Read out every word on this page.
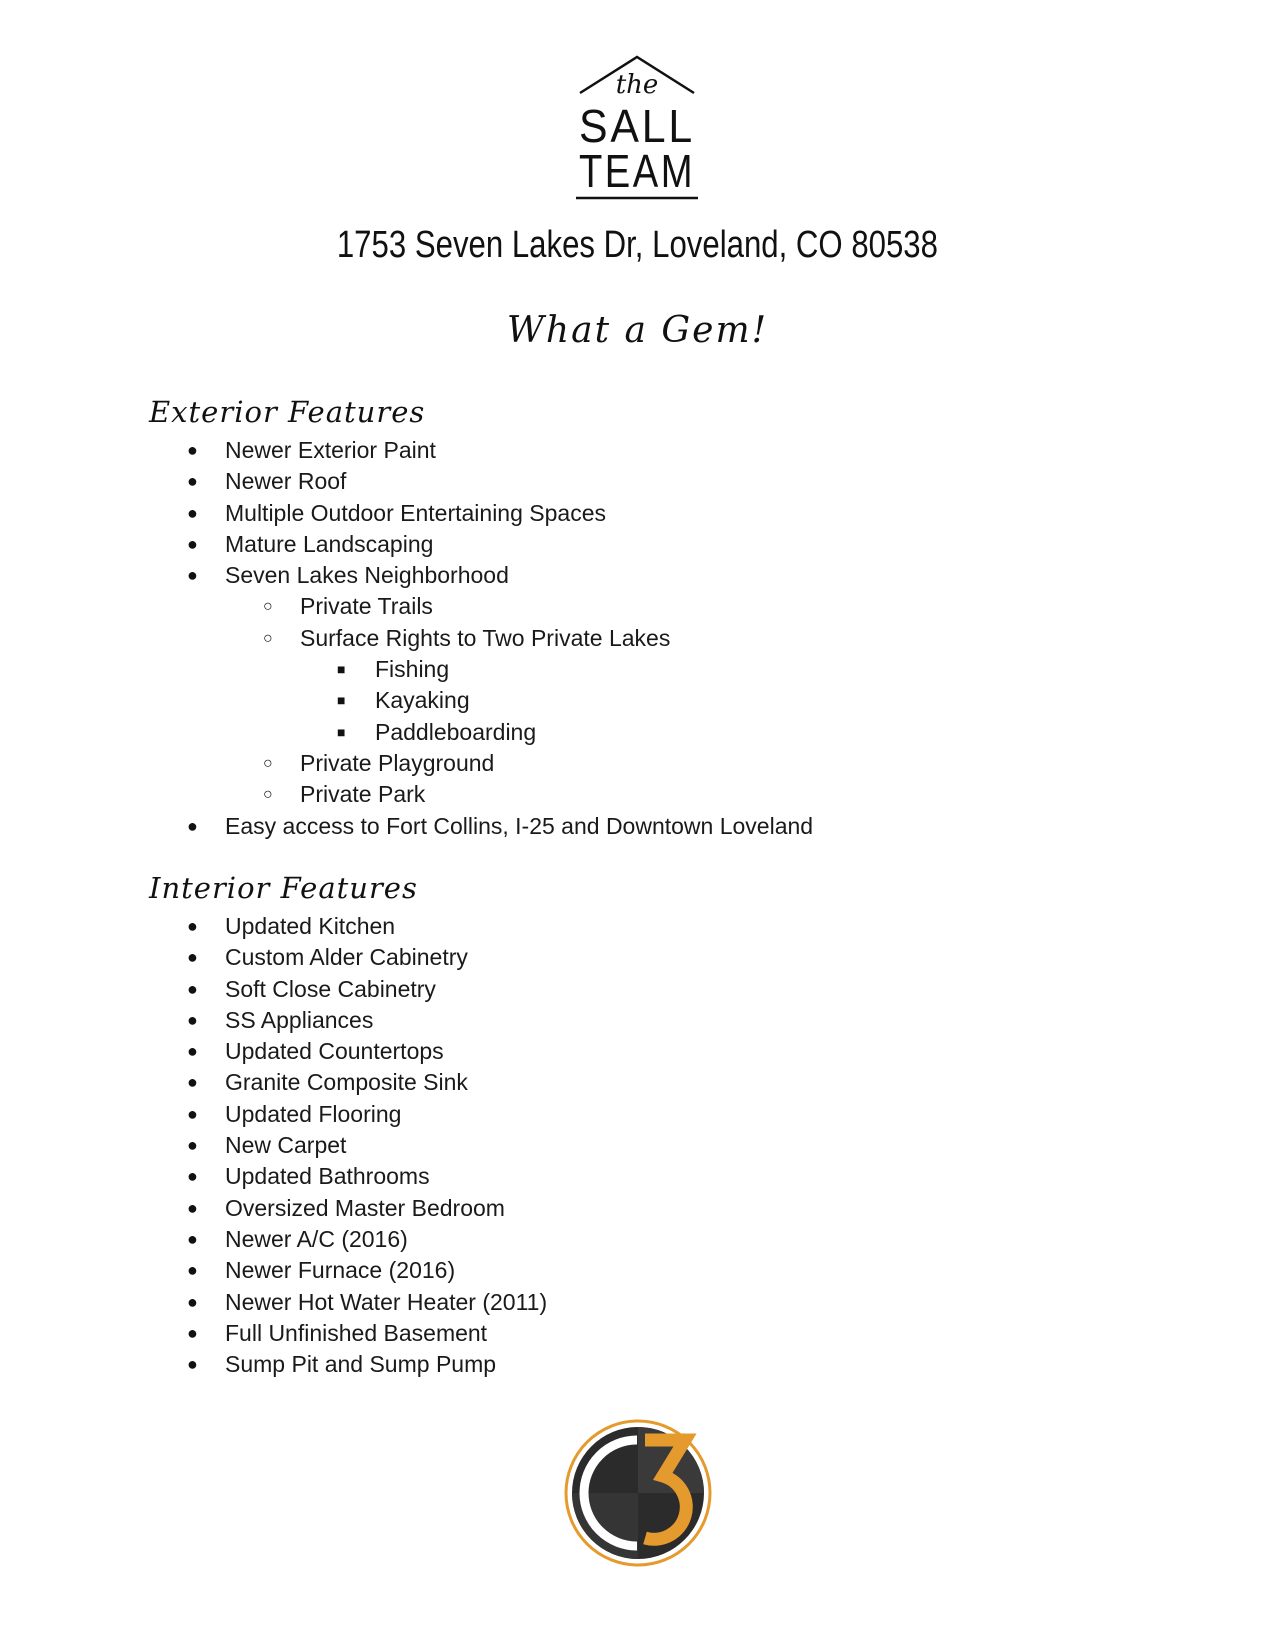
the
SALL
TEAM
1753 Seven Lakes Dr, Loveland, CO 80538
What a Gem!
Exterior Features
● Newer Exterior Paint
● Newer Roof
● Multiple Outdoor Entertaining Spaces
● Mature Landscaping
● Seven Lakes Neighborhood
○ Private Trails
○ Surface Rights to Two Private Lakes
■ Fishing
■ Kayaking
■ Paddleboarding
○ Private Playground
○ Private Park
● Easy access to Fort Collins, I-25 and Downtown Loveland
Interior Features
● Updated Kitchen
● Custom Alder Cabinetry
● Soft Close Cabinetry
● SS Appliances
● Updated Countertops
● Granite Composite Sink
● Updated Flooring
● New Carpet
● Updated Bathrooms
● Oversized Master Bedroom
● Newer A/C (2016)
● Newer Furnace (2016)
● Newer Hot Water Heater (2011)
● Full Unfinished Basement
● Sump Pit and Sump Pump
C3
